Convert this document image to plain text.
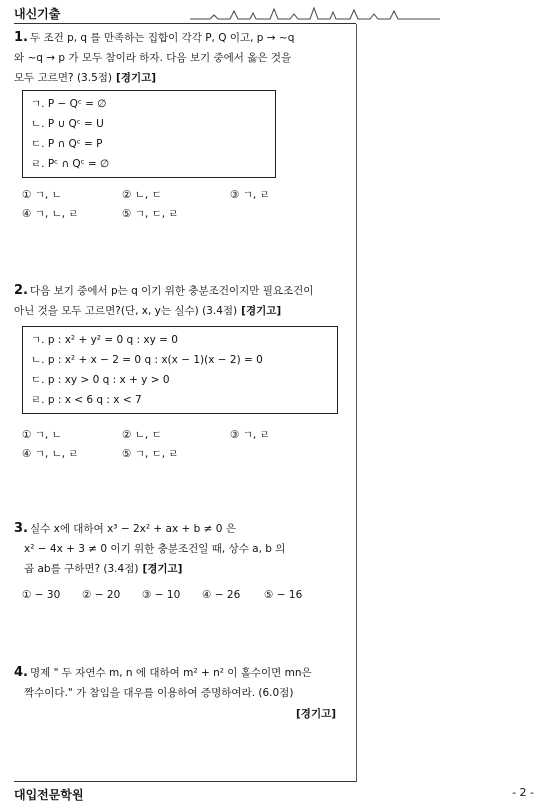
내신기출
1. 두 조건 p, q 를 만족하는 집합이 각각 P, Q 이고, p → ~q
와 ~q → p 가 모두 참이라 하자. 다음 보기 중에서 옳은 것을
모두 고르면? (3.5점) [경기고]
ㄱ. P − Qᶜ = ∅
ㄴ. P ∪ Qᶜ = U
ㄷ. P ∩ Qᶜ = P
ㄹ. Pᶜ ∩ Qᶜ = ∅
① ㄱ, ㄴ	② ㄴ, ㄷ	③ ㄱ, ㄹ
④ ㄱ, ㄴ, ㄹ	⑤ ㄱ, ㄷ, ㄹ
2. 다음 보기 중에서 p는 q 이기 위한 충분조건이지만 필요조건이
아닌 것을 모두 고르면?(단, x, y는 실수) (3.4점) [경기고]
ㄱ. p : x² + y² = 0 q : xy = 0
ㄴ. p : x² + x − 2 = 0 q : x(x − 1)(x − 2) = 0
ㄷ. p : xy > 0 q : x + y > 0
ㄹ. p : x < 6 q : x < 7
① ㄱ, ㄴ	② ㄴ, ㄷ	③ ㄱ, ㄹ
④ ㄱ, ㄴ, ㄹ	⑤ ㄱ, ㄷ, ㄹ
3. 실수 x에 대하여 x³ − 2x² + ax + b ≠ 0 은
x² − 4x + 3 ≠ 0 이기 위한 충분조건일 때, 상수 a, b 의
곱 ab를 구하면? (3.4점) [경기고]
① − 30 ② − 20 ③ − 10 ④ − 26 ⑤ − 16
4. 명제 " 두 자연수 m, n 에 대하여 m² + n² 이 홀수이면 mn은
짝수이다." 가 참임을 대우를 이용하여 증명하여라. (6.0점)
[경기고]
대입전문학원	- 2 -
